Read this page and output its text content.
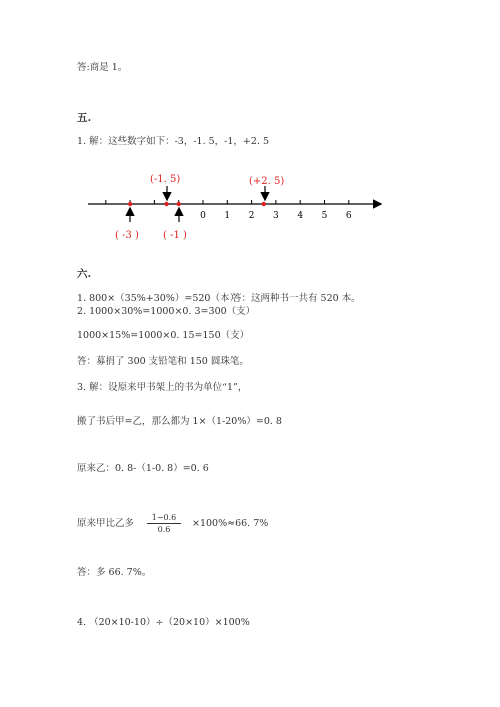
答:商是 1。
五.
1. 解：这些数字如下：-3，-1. 5，-1，+2. 5
0 1 2 3 4 5 6
(-1. 5)	(+2. 5)
( -3 ) ( -1 )
六.
1. 800×（35%+30%）=520（本）
答：这两种书一共有 520 本。
2. 1000×30%=1000×0. 3=300（支）
1000×15%=1000×0. 15=150（支）
答：募捐了 300 支铅笔和 150 圆珠笔。
3. 解：设原来甲书架上的书为单位“1”，
搬了书后甲=乙，那么都为 1×（1-20%）=0. 8
原来乙：0. 8-（1-0. 8）=0. 6
原来甲比乙多 $\frac{1-0.6}{0.6} \times 100\%\approx 66$. 7%
答：多 66. 7%。
4. （20×10-10）÷（20×10）×100%
